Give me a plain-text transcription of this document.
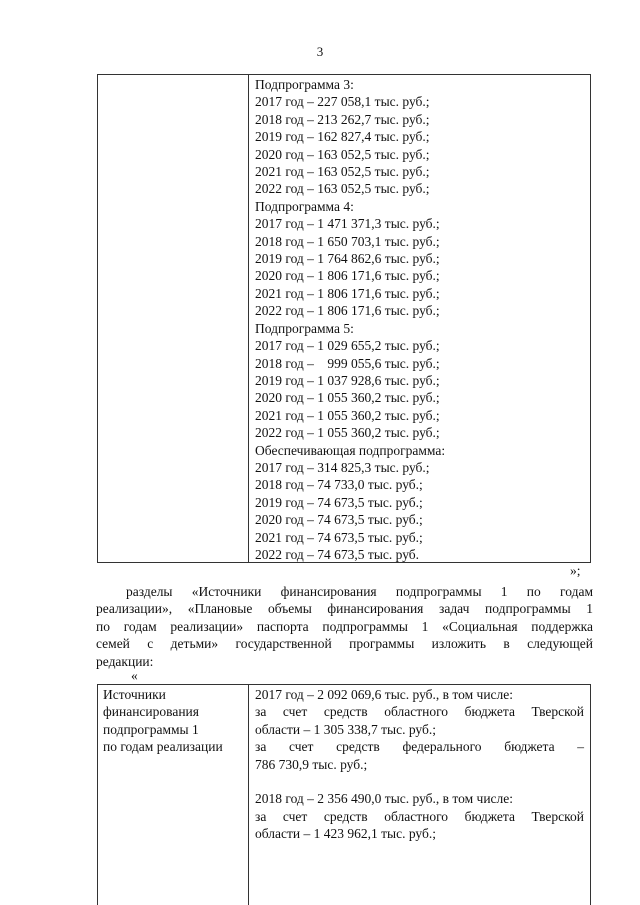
3
Подпрограмма 3:
2017 год – 227 058,1 тыс. руб.;
2018 год – 213 262,7 тыс. руб.;
2019 год – 162 827,4 тыс. руб.;
2020 год – 163 052,5 тыс. руб.;
2021 год – 163 052,5 тыс. руб.;
2022 год – 163 052,5 тыс. руб.;
Подпрограмма 4:
2017 год – 1 471 371,3 тыс. руб.;
2018 год – 1 650 703,1 тыс. руб.;
2019 год – 1 764 862,6 тыс. руб.;
2020 год – 1 806 171,6 тыс. руб.;
2021 год – 1 806 171,6 тыс. руб.;
2022 год – 1 806 171,6 тыс. руб.;
Подпрограмма 5:
2017 год – 1 029 655,2 тыс. руб.;
2018 год –    999 055,6 тыс. руб.;
2019 год – 1 037 928,6 тыс. руб.;
2020 год – 1 055 360,2 тыс. руб.;
2021 год – 1 055 360,2 тыс. руб.;
2022 год – 1 055 360,2 тыс. руб.;
Обеспечивающая подпрограмма:
2017 год – 314 825,3 тыс. руб.;
2018 год – 74 733,0 тыс. руб.;
2019 год – 74 673,5 тыс. руб.;
2020 год – 74 673,5 тыс. руб.;
2021 год – 74 673,5 тыс. руб.;
2022 год – 74 673,5 тыс. руб.
»;
разделы «Источники финансирования подпрограммы 1 по годам
реализации», «Плановые объемы финансирования задач подпрограммы 1
по годам реализации» паспорта подпрограммы 1 «Социальная поддержка
семей с детьми» государственной программы изложить в следующей
редакции:
«
Источники
финансирования
подпрограммы 1
по годам реализации
2017 год – 2 092 069,6 тыс. руб., в том числе:
за счет средств областного бюджета Тверской
области – 1 305 338,7 тыс. руб.;
за счет средств федерального бюджета –
786 730,9 тыс. руб.;
2018 год – 2 356 490,0 тыс. руб., в том числе:
за счет средств областного бюджета Тверской
области – 1 423 962,1 тыс. руб.;
